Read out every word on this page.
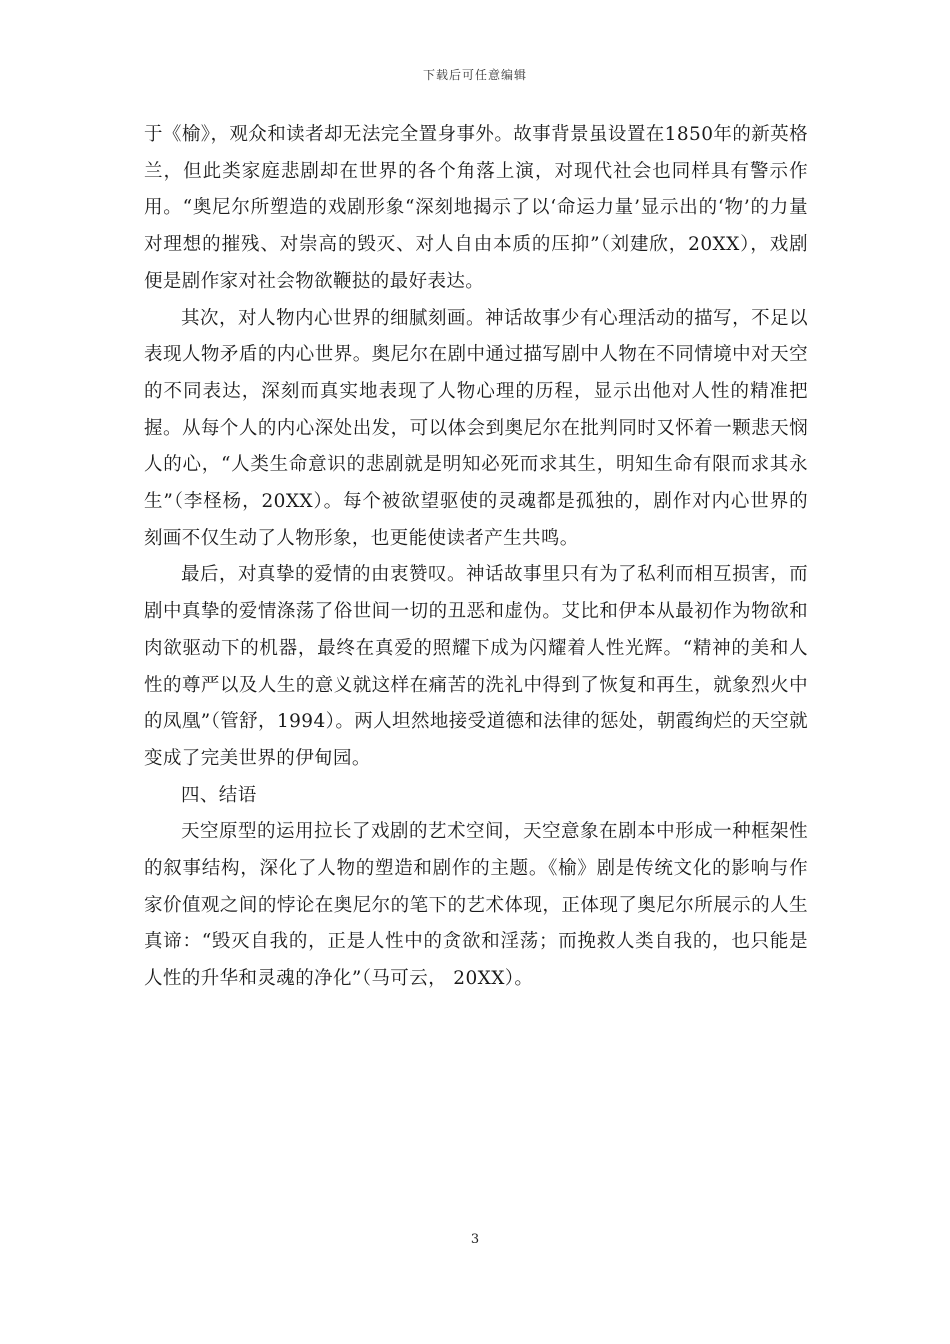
下载后可任意编辑

于《榆》，观众和读者却无法完全置身事外。故事背景虽设置在1850年的新英格兰，但此类家庭悲剧却在世界的各个角落上演，对现代社会也同样具有警示作用。“奥尼尔所塑造的戏剧形象“深刻地揭示了以‘命运力量’显示出的‘物’的力量对理想的摧残、对崇高的毁灭、对人自由本质的压抑”（刘建欣，20XX），戏剧便是剧作家对社会物欲鞭挞的最好表达。

其次，对人物内心世界的细腻刻画。神话故事少有心理活动的描写，不足以表现人物矛盾的内心世界。奥尼尔在剧中通过描写剧中人物在不同情境中对天空的不同表达，深刻而真实地表现了人物心理的历程，显示出他对人性的精准把握。从每个人的内心深处出发，可以体会到奥尼尔在批判同时又怀着一颗悲天悯人的心，“人类生命意识的悲剧就是明知必死而求其生，明知生命有限而求其永生”（李柽杨，20XX）。每个被欲望驱使的灵魂都是孤独的，剧作对内心世界的刻画不仅生动了人物形象，也更能使读者产生共鸣。

最后，对真挚的爱情的由衷赞叹。神话故事里只有为了私利而相互损害，而剧中真挚的爱情涤荡了俗世间一切的丑恶和虚伪。艾比和伊本从最初作为物欲和肉欲驱动下的机器，最终在真爱的照耀下成为闪耀着人性光辉。“精神的美和人性的尊严以及人生的意义就这样在痛苦的洗礼中得到了恢复和再生，就象烈火中的凤凰”（管舒，1994）。两人坦然地接受道德和法律的惩处，朝霞绚烂的天空就变成了完美世界的伊甸园。

四、结语

天空原型的运用拉长了戏剧的艺术空间，天空意象在剧本中形成一种框架性的叙事结构，深化了人物的塑造和剧作的主题。《榆》剧是传统文化的影响与作家价值观之间的悖论在奥尼尔的笔下的艺术体现，正体现了奥尼尔所展示的人生真谛：“毁灭自我的，正是人性中的贪欲和淫荡；而挽救人类自我的，也只能是人性的升华和灵魂的净化”（马可云， 20XX）。

3
